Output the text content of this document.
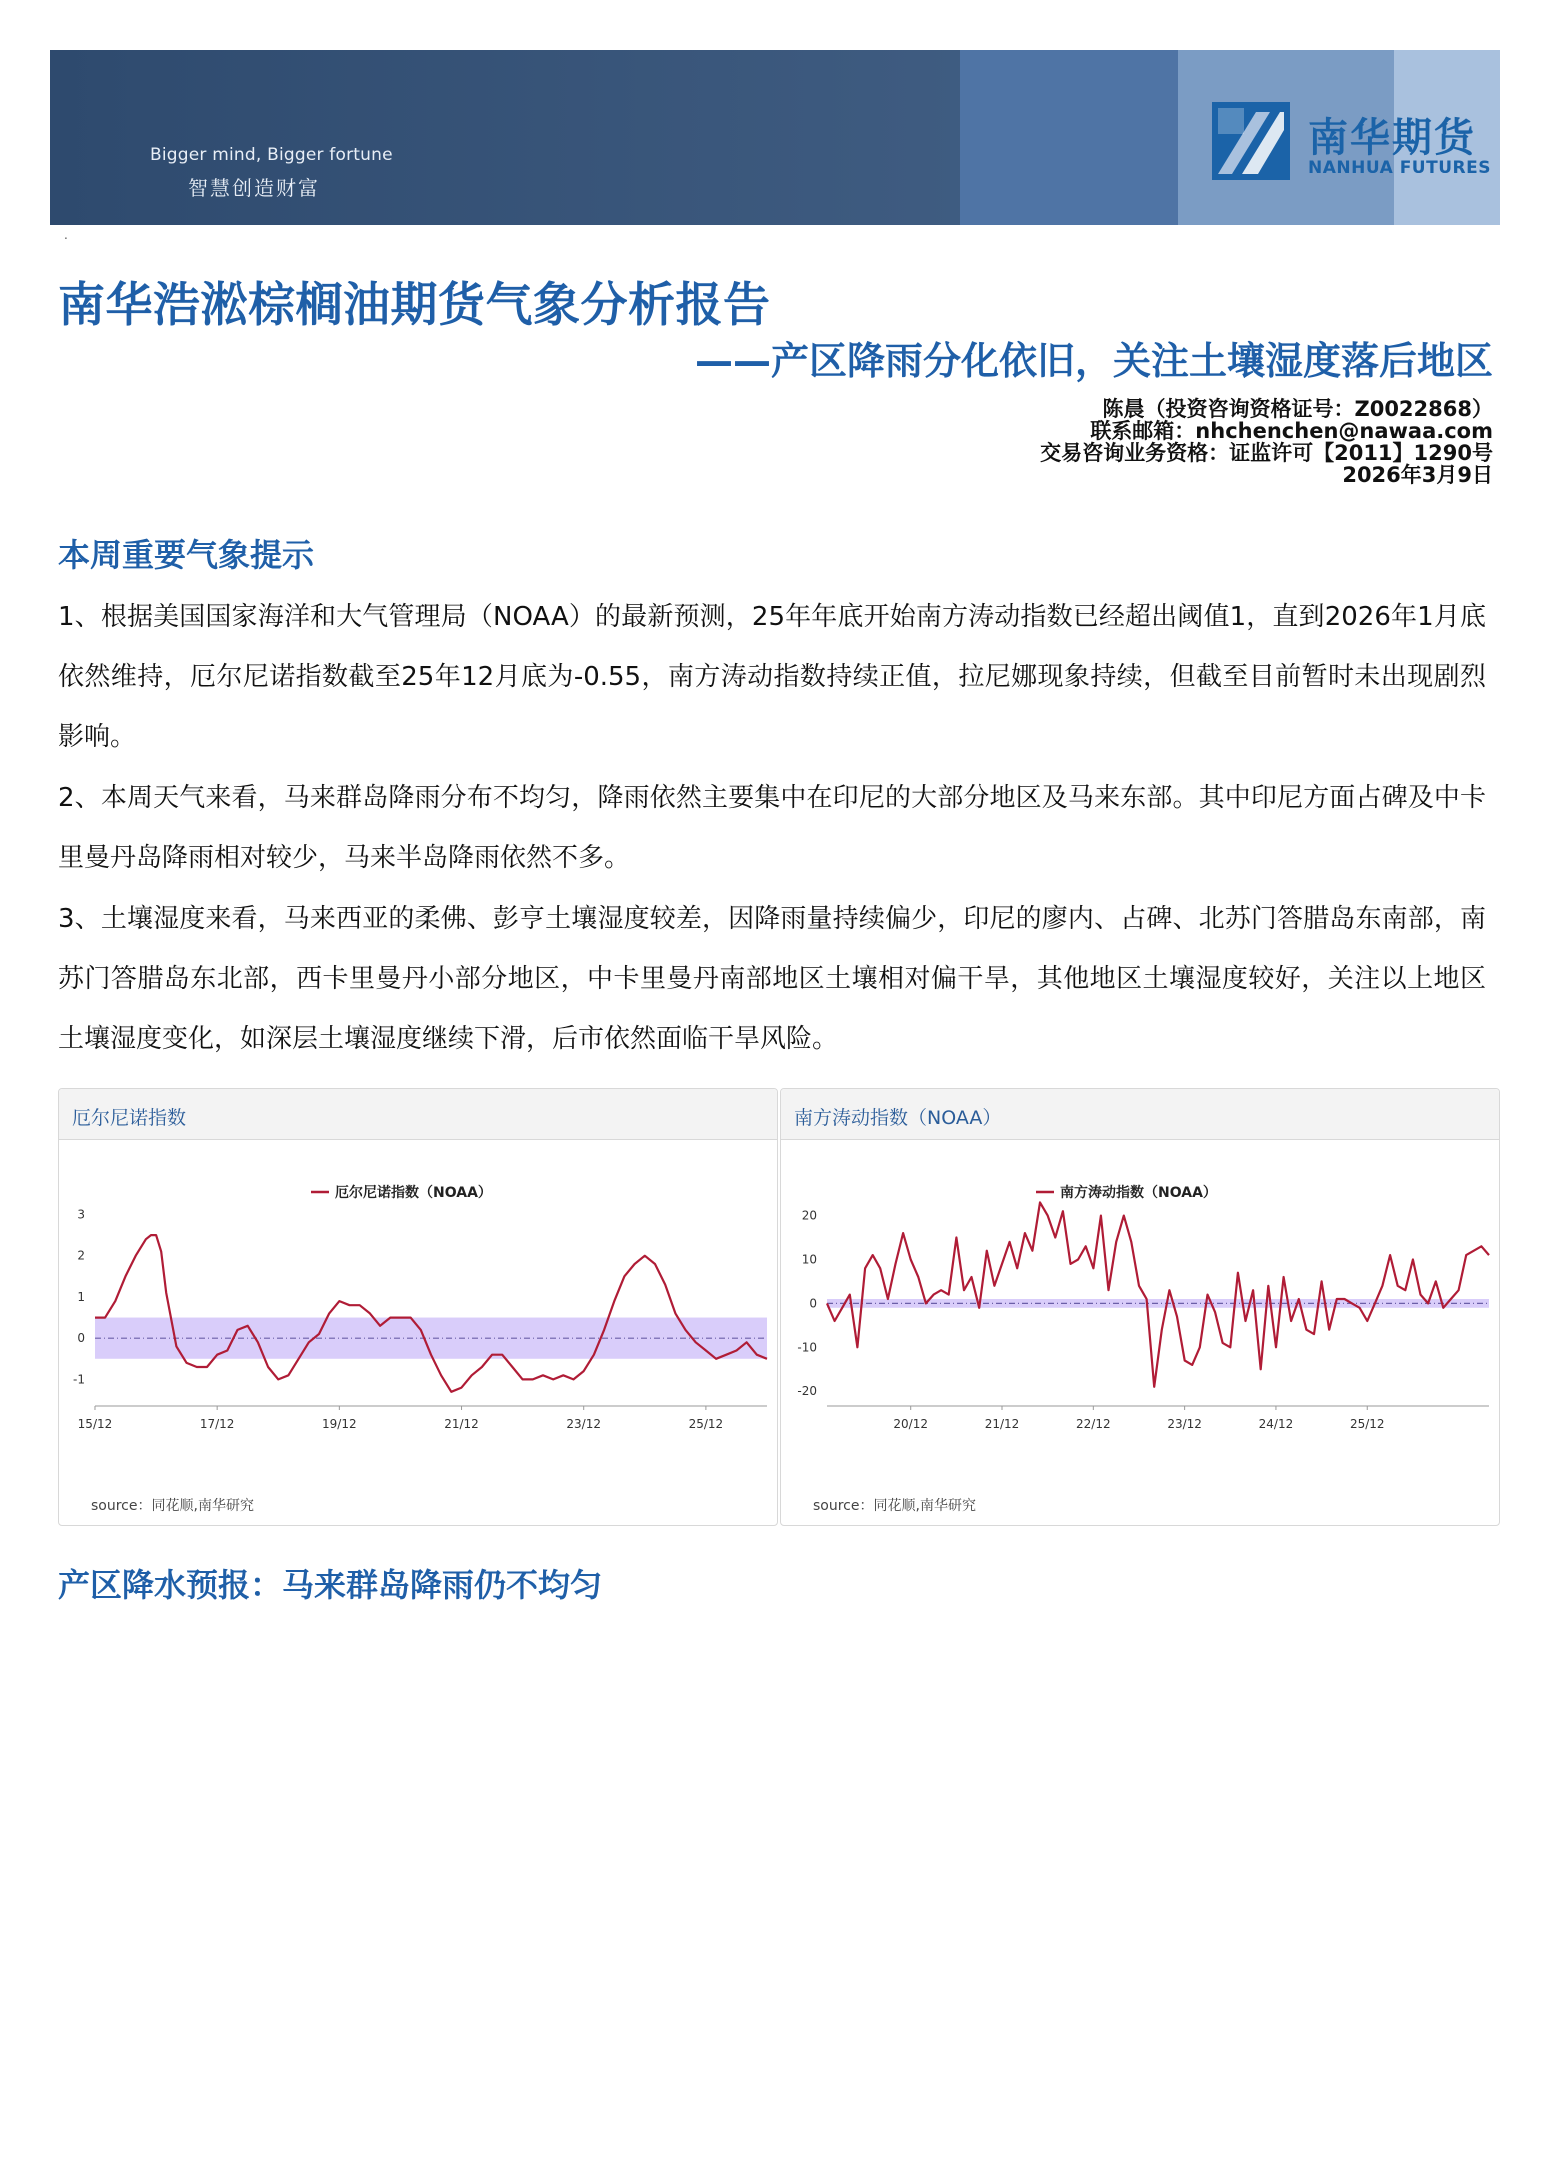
Bigger mind, Bigger fortune
智慧创造财富
南华期货
NANHUA FUTURES
.
南华浩淞棕榈油期货气象分析报告
——产区降雨分化依旧，关注土壤湿度落后地区
陈晨（投资咨询资格证号：Z0022868）
联系邮箱：nhchenchen@nawaa.com
交易咨询业务资格：证监许可【2011】1290号
2026年3月9日
本周重要气象提示

1、根据美国国家海洋和大气管理局（NOAA）的最新预测，25年年底开始南方涛动指数已经超出阈值1，直到2026年1月底依然维持，厄尔尼诺指数截至25年12月底为-0.55，南方涛动指数持续正值，拉尼娜现象持续，但截至目前暂时未出现剧烈影响。

2、本周天气来看，马来群岛降雨分布不均匀，降雨依然主要集中在印尼的大部分地区及马来东部。其中印尼方面占碑及中卡里曼丹岛降雨相对较少，马来半岛降雨依然不多。

3、土壤湿度来看，马来西亚的柔佛、彭亨土壤湿度较差，因降雨量持续偏少，印尼的廖内、占碑、北苏门答腊岛东南部，南苏门答腊岛东北部，西卡里曼丹小部分地区，中卡里曼丹南部地区土壤相对偏干旱，其他地区土壤湿度较好，关注以上地区土壤湿度变化，如深层土壤湿度继续下滑，后市依然面临干旱风险。

厄尔尼诺指数
-1
0
1
2
3
15/12	17/12	19/12	21/12	23/12	25/12
厄尔尼诺指数（NOAA）
source：同花顺,南华研究
南方涛动指数（NOAA）
-20
-10
0
10
20
20/12	21/12	22/12	23/12	24/12	25/12
南方涛动指数（NOAA）
source：同花顺,南华研究
产区降水预报：马来群岛降雨仍不均匀
